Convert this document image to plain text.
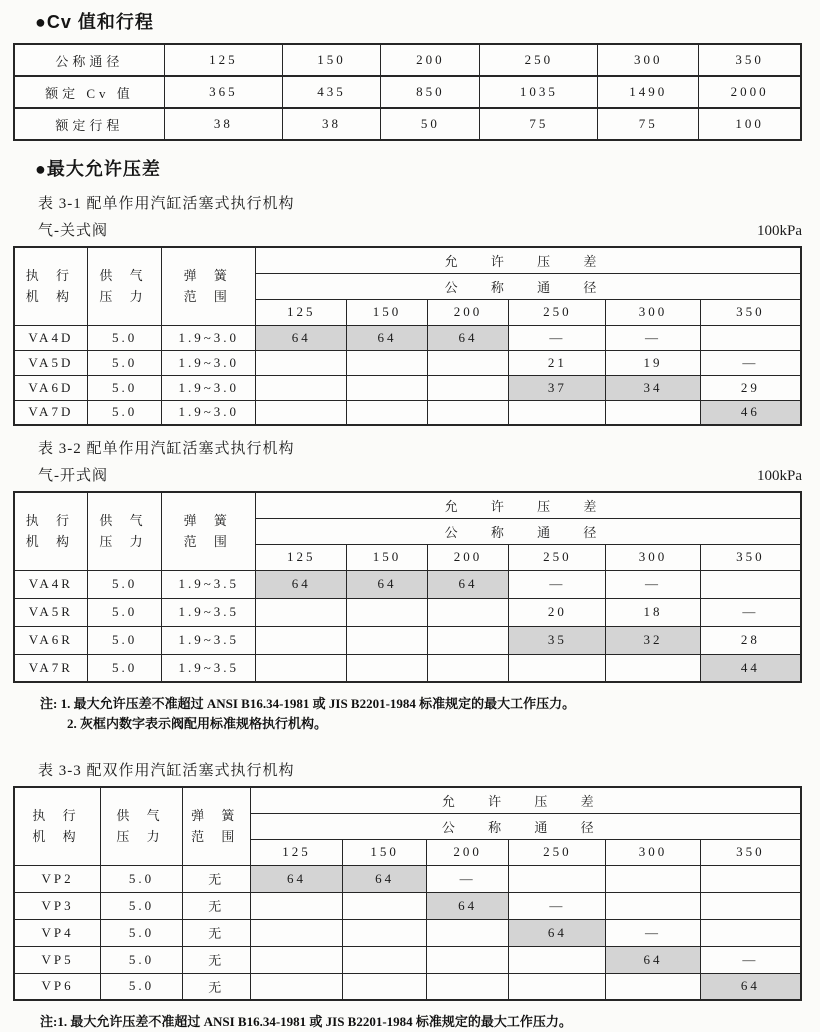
●Cv 值和行程
公称通径	125	150	200	250	300	350
额定 Cv 值	365	435	850	1035	1490	2000
额定行程	38	38	50	75	75	100
●最大允许压差
表 3-1 配单作用汽缸活塞式执行机构
气-关式阀	100kPa
执 行
机 构

供 气
压 力

弹 簧
范 围
	允 许 压 差
			公 称 通 径					
			125	150	200	250	300	350
VA4D	5.0	1.9~3.0	64	64	64	—	—	
VA5D	5.0	1.9~3.0				21	19	—
VA6D	5.0	1.9~3.0				37	34	29
VA7D	5.0	1.9~3.0						46
表 3-2 配单作用汽缸活塞式执行机构
气-开式阀	100kPa
执 行
机 构

供 气
压 力

弹 簧
范 围
	允 许 压 差
			公 称 通 径					
			125	150	200	250	300	350
VA4R	5.0	1.9~3.5	64	64	64	—	—	
VA5R	5.0	1.9~3.5				20	18	—
VA6R	5.0	1.9~3.5				35	32	28
VA7R	5.0	1.9~3.5						44
注: 1. 最大允许压差不准超过 ANSI B16.34-1981 或 JIS B2201-1984 标准规定的最大工作压力。
2. 灰框内数字表示阀配用标准规格执行机构。
表 3-3 配双作用汽缸活塞式执行机构
执 行
机 构

供 气
压 力

弹 簧
范 围
	允 许 压 差
			公 称 通 径					
			125	150	200	250	300	350
VP2	5.0	无	64	64	—			
VP3	5.0	无			64	—		
VP4	5.0	无				64	—	
VP5	5.0	无					64	—
VP6	5.0	无						64
注:1. 最大允许压差不准超过 ANSI B16.34-1981 或 JIS B2201-1984 标准规定的最大工作压力。
